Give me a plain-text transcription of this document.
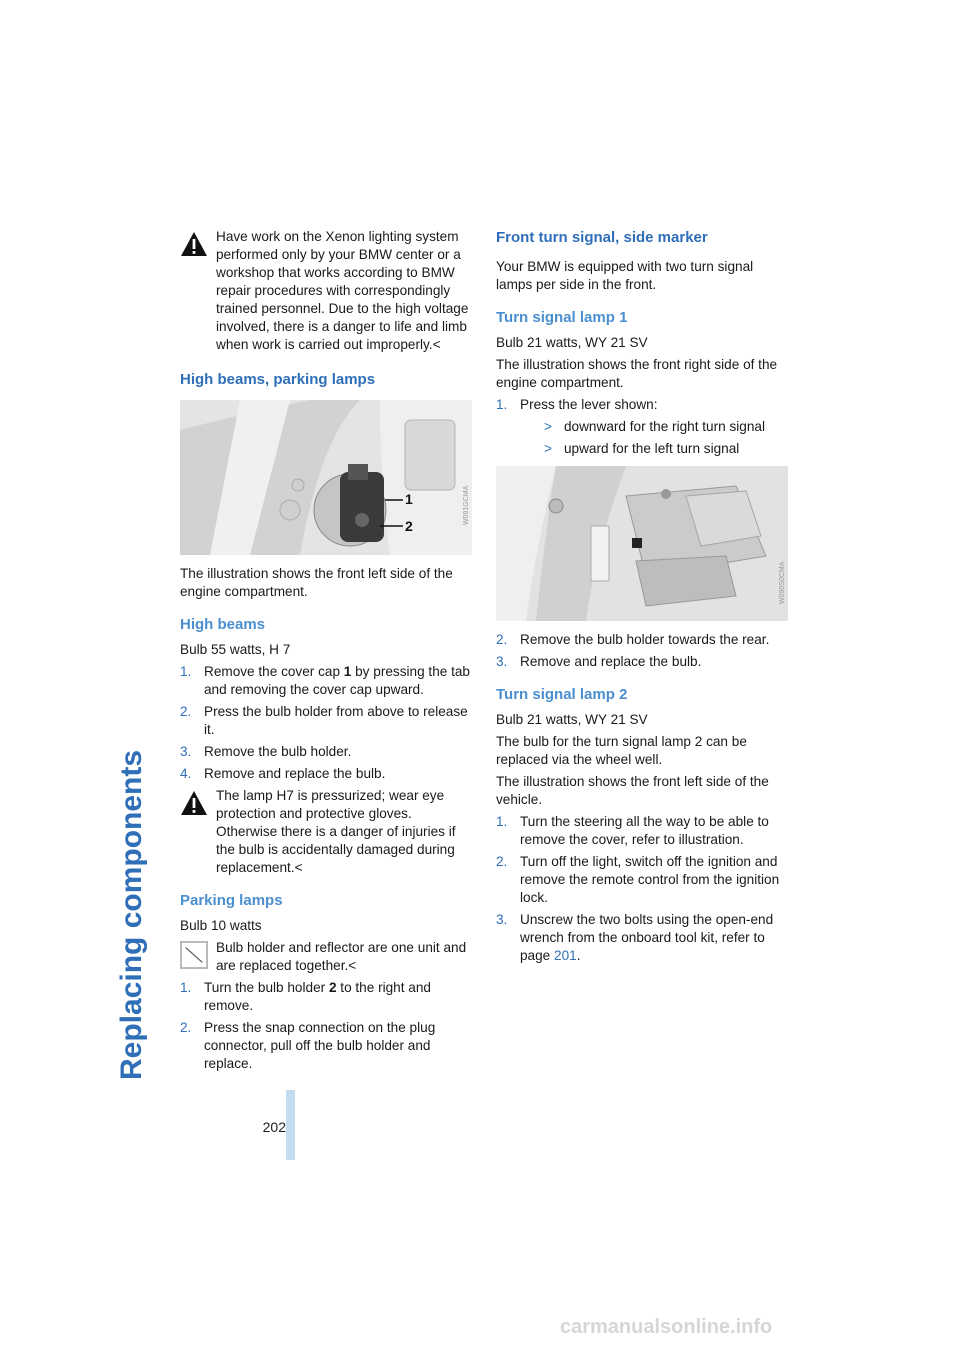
Replacing components
202
Have work on the Xenon lighting system performed only by your BMW center or a workshop that works according to BMW repair procedures with correspondingly trained personnel. Due to the high voltage involved, there is a danger to life and limb when work is carried out improperly.<
High beams, parking lamps
1
2
W091GCMA

The illustration shows the front left side of the engine compartment.

High beams

Bulb 55 watts, H 7

1. Remove the cover cap 1 by pressing the tab and removing the cover cap upward.
2. Press the bulb holder from above to release it.
3. Remove the bulb holder.
4. Remove and replace the bulb.
The lamp H7 is pressurized; wear eye protection and protective gloves. Otherwise there is a danger of injuries if the bulb is accidentally damaged during replacement.<
Parking lamps

Bulb 10 watts

Bulb holder and reflector are one unit and are replaced together.<
1. Turn the bulb holder 2 to the right and remove.
2. Press the snap connection on the plug connector, pull off the bulb holder and replace.
Front turn signal, side marker

Your BMW is equipped with two turn signal lamps per side in the front.

Turn signal lamp 1

Bulb 21 watts, WY 21 SV

The illustration shows the front right side of the engine compartment.

1. Press the lever shown:
> downward for the right turn signal
> upward for the left turn signal
W090S0CMA
2. Remove the bulb holder towards the rear.
3. Remove and replace the bulb.
Turn signal lamp 2

Bulb 21 watts, WY 21 SV

The bulb for the turn signal lamp 2 can be replaced via the wheel well.

The illustration shows the front left side of the vehicle.

1. Turn the steering all the way to be able to remove the cover, refer to illustration.
2. Turn off the light, switch off the ignition and remove the remote control from the ignition lock.
3. Unscrew the two bolts using the open-end wrench from the onboard tool kit, refer to page 201.
carmanualsonline.info
